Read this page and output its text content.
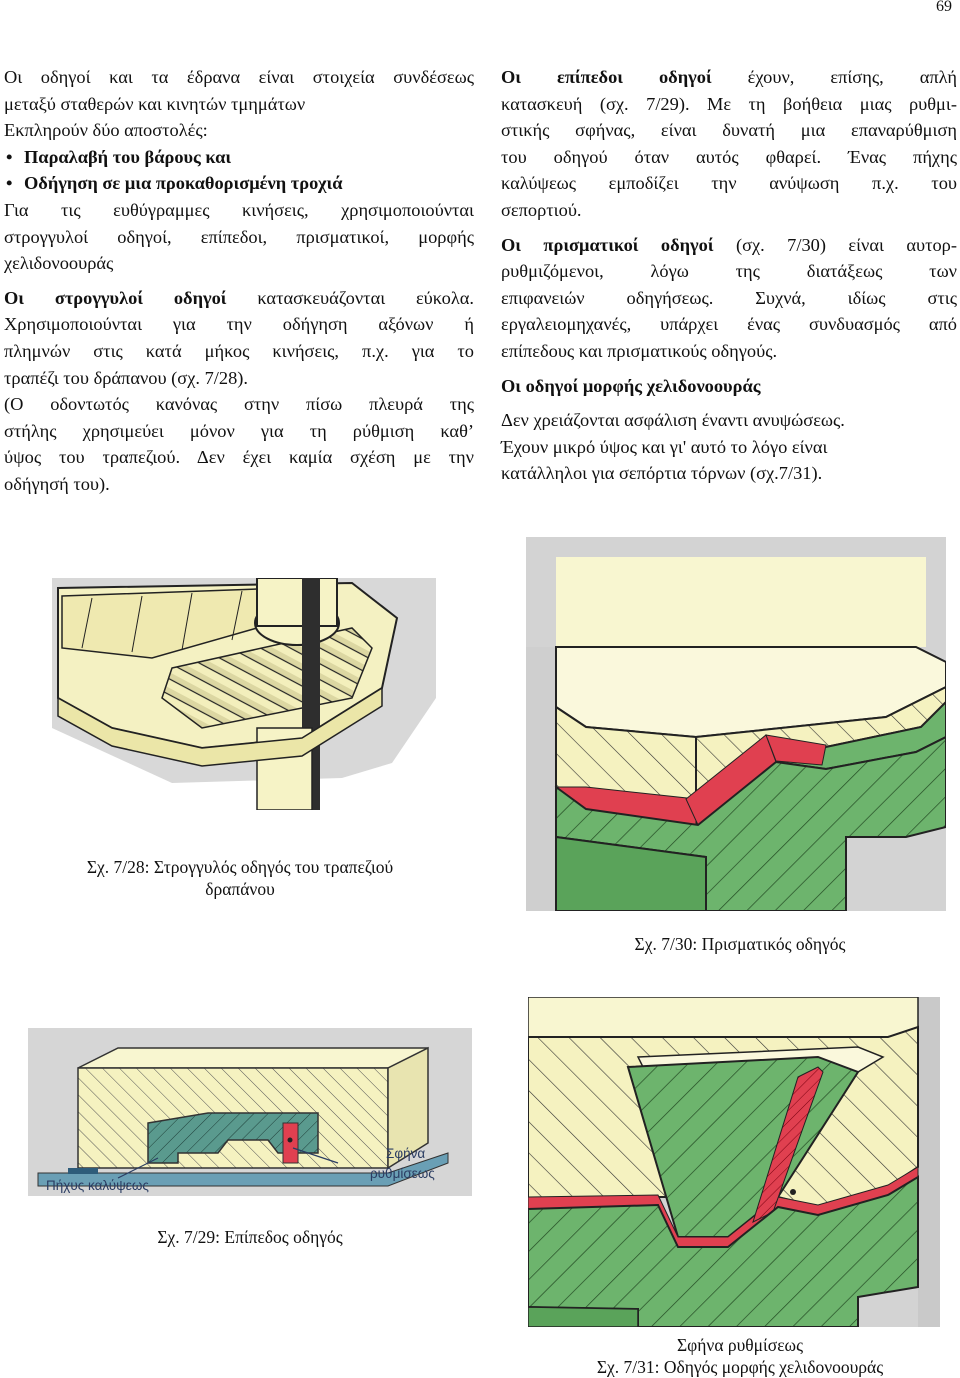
69

Οι οδηγοί και τα έδρανα είναι στοιχεία συνδέσεως

μεταξύ σταθερών και κινητών τμημάτων

Εκπληρούν δύο αποστολές:

• Παραλαβή του βάρους και

• Οδήγηση σε μια προκαθορισμένη τροχιά

Για τις ευθύγραμμες κινήσεις, χρησιμοποιούνται

στρογγυλοί οδηγοί, επίπεδοι, πρισματικοί, μορφής

χελιδονοουράς

Οι στρογγυλοί οδηγοί κατασκευάζονται εύκολα.

Χρησιμοποιούνται για την οδήγηση αξόνων ή

πλημνών στις κατά μήκος κινήσεις, π.χ. για το

τραπέζι του δράπανου (σχ. 7/28).

(Ο οδοντωτός κανόνας στην πίσω πλευρά της

στήλης χρησιμεύει μόνον για τη ρύθμιση καθ’

ύψος του τραπεζιού. Δεν έχει καμία σχέση με την

οδήγησή του).

Οι επίπεδοι οδηγοί έχουν, επίσης, απλή

κατασκευή (σχ. 7/29). Με τη βοήθεια μιας ρυθμι-

στικής σφήνας, είναι δυνατή μια επαναρύθμιση

του οδηγού όταν αυτός φθαρεί. Ένας πήχης

καλύψεως εμποδίζει την ανύψωση π.χ. του

σεπορτιού.

Οι πρισματικοί οδηγοί (σχ. 7/30) είναι αυτορ-

ρυθμιζόμενοι, λόγω της διατάξεως των

επιφανειών οδηγήσεως. Συχνά, ιδίως στις

εργαλειομηχανές, υπάρχει ένας συνδυασμός από

επίπεδους και πρισματικούς οδηγούς.

Οι οδηγοί μορφής χελιδονοουράς

Δεν χρειάζονται ασφάλιση έναντι ανυψώσεως.

Έχουν μικρό ύψος και γι' αυτό το λόγο είναι

κατάλληλοι για σεπόρτια τόρνων (σχ.7/31).

Σχ. 7/28: Στρογγυλός οδηγός του τραπεζιού
δραπάνου
Σχ. 7/30: Πρισματικός οδηγός
Πήχυς καλύψεως
Σφήνα
ρυθμίσεως
Σχ. 7/29: Επίπεδος οδηγός
Σφήνα ρυθμίσεως
Σχ. 7/31: Οδηγός μορφής χελιδονοουράς
